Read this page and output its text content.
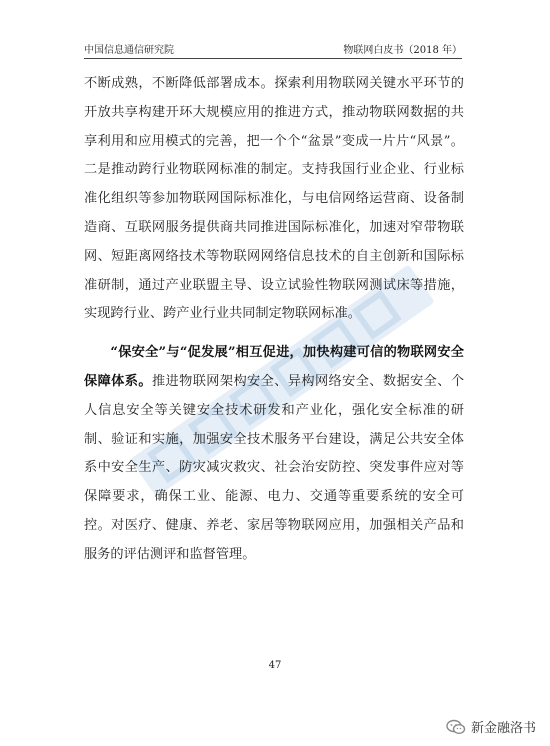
中国信息通信研究院	物联网白皮书（2018 年）

不断成熟，不断降低部署成本。探索利用物联网关键水平环节的开放共享构建开环大规模应用的推进方式，推动物联网数据的共享利用和应用模式的完善，把一个个“盆景”变成一片片“风景”。二是推动跨行业物联网标准的制定。支持我国行业企业、行业标准化组织等参加物联网国际标准化，与电信网络运营商、设备制造商、互联网服务提供商共同推进国际标准化，加速对窄带物联网、短距离网络技术等物联网网络信息技术的自主创新和国际标准研制，通过产业联盟主导、设立试验性物联网测试床等措施，实现跨行业、跨产业行业共同制定物联网标准。

“保安全”与“促发展”相互促进，加快构建可信的物联网安全保障体系。推进物联网架构安全、异构网络安全、数据安全、个人信息安全等关键安全技术研发和产业化，强化安全标准的研制、验证和实施，加强安全技术服务平台建设，满足公共安全体系中安全生产、防灾减灾救灾、社会治安防控、突发事件应对等保障要求，确保工业、能源、电力、交通等重要系统的安全可控。对医疗、健康、养老、家居等物联网应用，加强相关产品和服务的评估测评和监督管理。

47
新金融洛书
